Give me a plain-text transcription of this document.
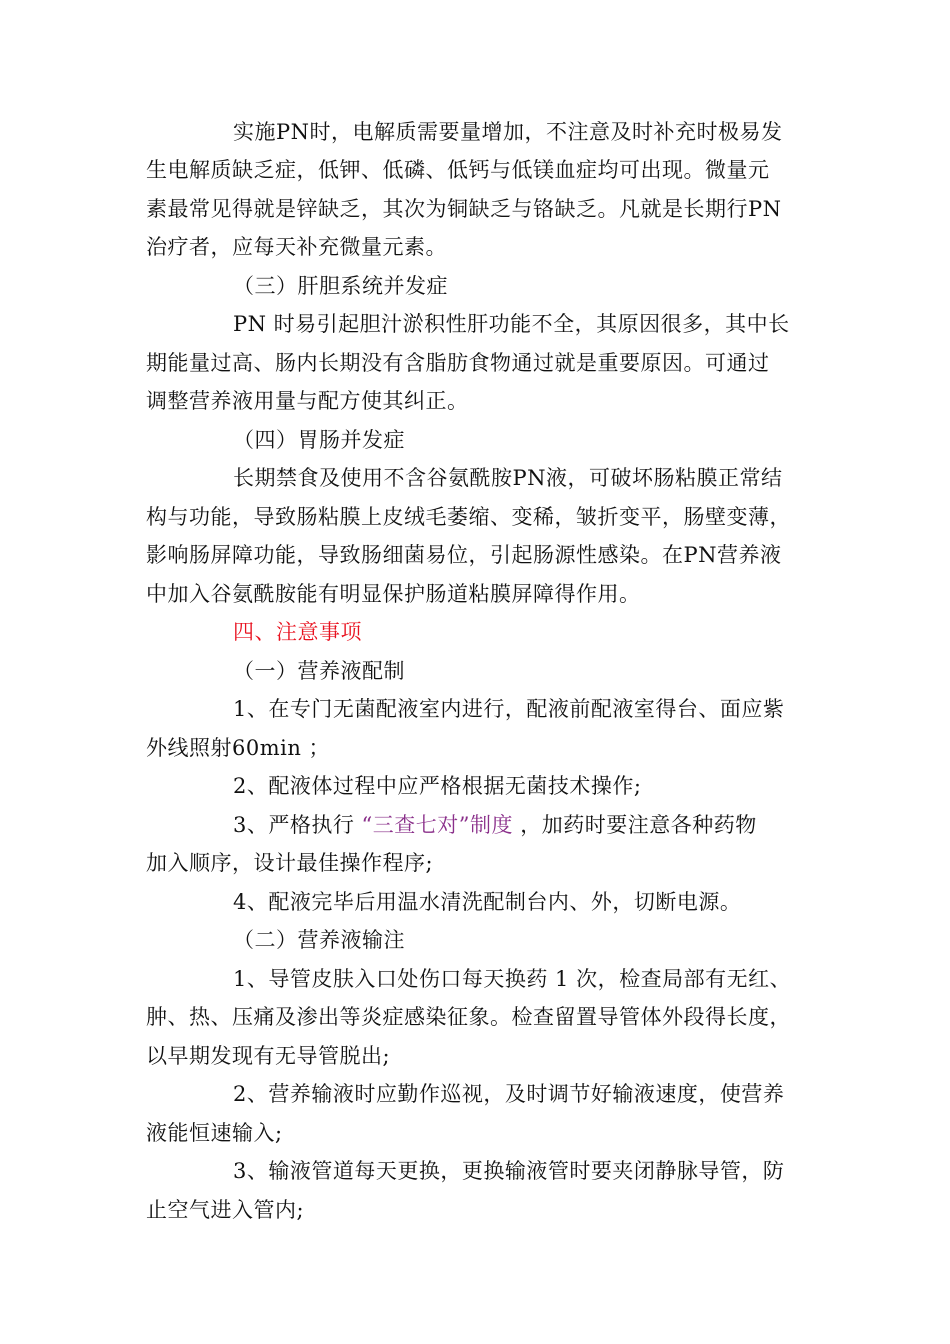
实施PN时，电解质需要量增加，不注意及时补充时极易发
生电解质缺乏症，低钾、低磷、低钙与低镁血症均可出现。微量元
素最常见得就是锌缺乏，其次为铜缺乏与铬缺乏。凡就是长期行PN
治疗者，应每天补充微量元素。
（三）肝胆系统并发症
PN 时易引起胆汁淤积性肝功能不全，其原因很多，其中长
期能量过高、肠内长期没有含脂肪食物通过就是重要原因。可通过
调整营养液用量与配方使其纠正。
（四）胃肠并发症
长期禁食及使用不含谷氨酰胺PN液，可破坏肠粘膜正常结
构与功能，导致肠粘膜上皮绒毛萎缩、变稀，皱折变平，肠壁变薄，
影响肠屏障功能，导致肠细菌易位，引起肠源性感染。在PN营养液
中加入谷氨酰胺能有明显保护肠道粘膜屏障得作用。
四、注意事项
（一）营养液配制
1、在专门无菌配液室内进行，配液前配液室得台、面应紫
外线照射60min ；
2、配液体过程中应严格根据无菌技术操作;
3、严格执行 “三查七对”制度 ，加药时要注意各种药物
加入顺序，设计最佳操作程序;
4、配液完毕后用温水清洗配制台内、外，切断电源。
（二）营养液输注
1、导管皮肤入口处伤口每天换药 1 次，检查局部有无红、
肿、热、压痛及渗出等炎症感染征象。检查留置导管体外段得长度，
以早期发现有无导管脱出;
2、营养输液时应勤作巡视，及时调节好输液速度，使营养
液能恒速输入;
3、输液管道每天更换，更换输液管时要夹闭静脉导管，防
止空气进入管内;
